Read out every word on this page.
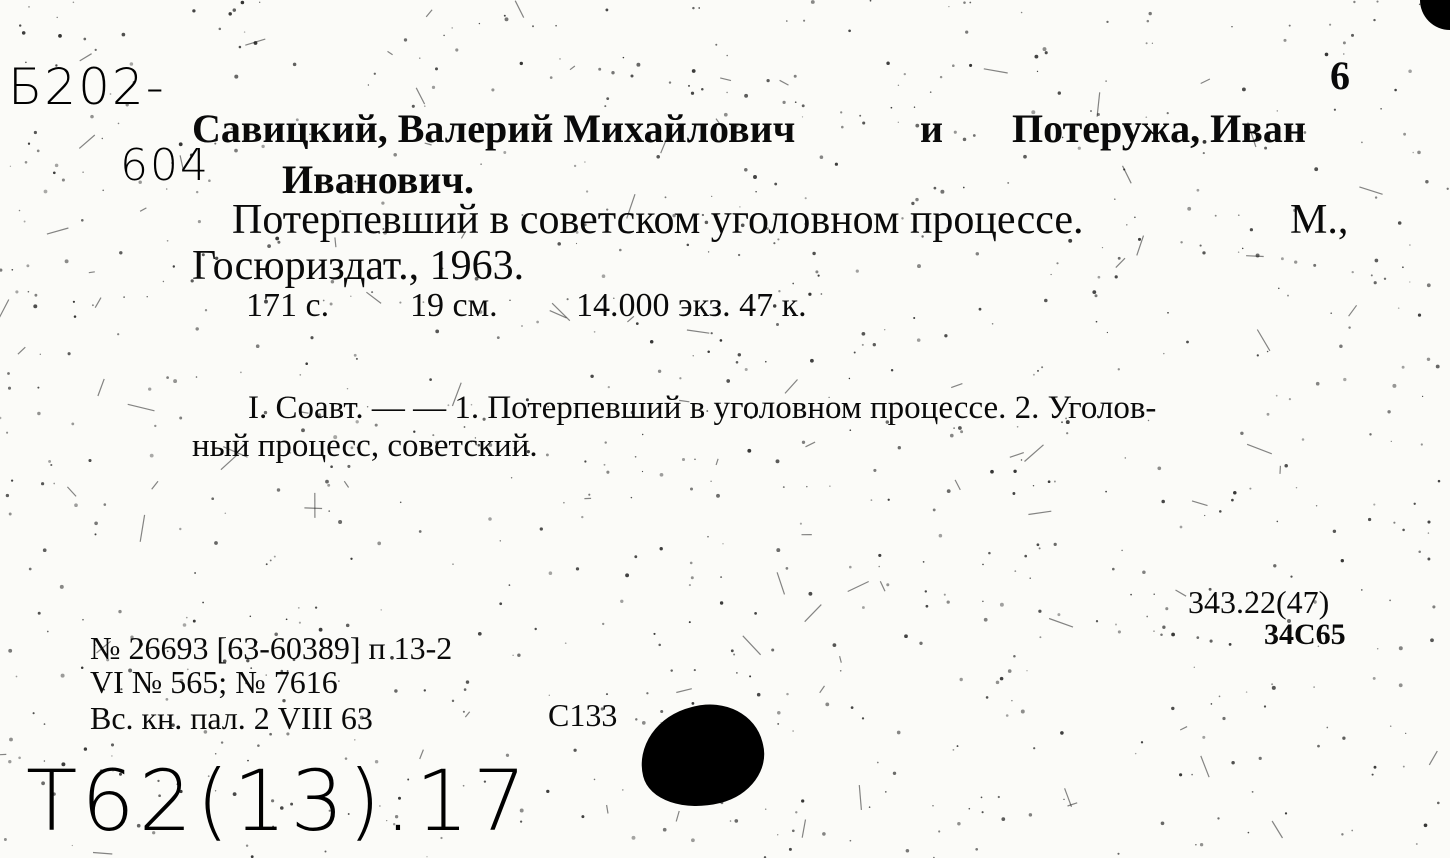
Б202-
604
6
Савицкий, Валерий Михайлович	и Потеружа, Иван
Иванович.
Потерпевший в советском уголовном процессе.	М.,
Госюриздат., 1963.
171 с. 19 см. 14.000 экз. 47 к.
I. Соавт. — — 1. Потерпевший в уголовном процессе. 2. Уголов-
ный процесс, советский.
343.22(47)
34С65
№ 26693 [63-60389] п 13-2
VI № 565; № 7616
Вс. кн. пал. 2 VIII 63	С133
Т62(13).17
